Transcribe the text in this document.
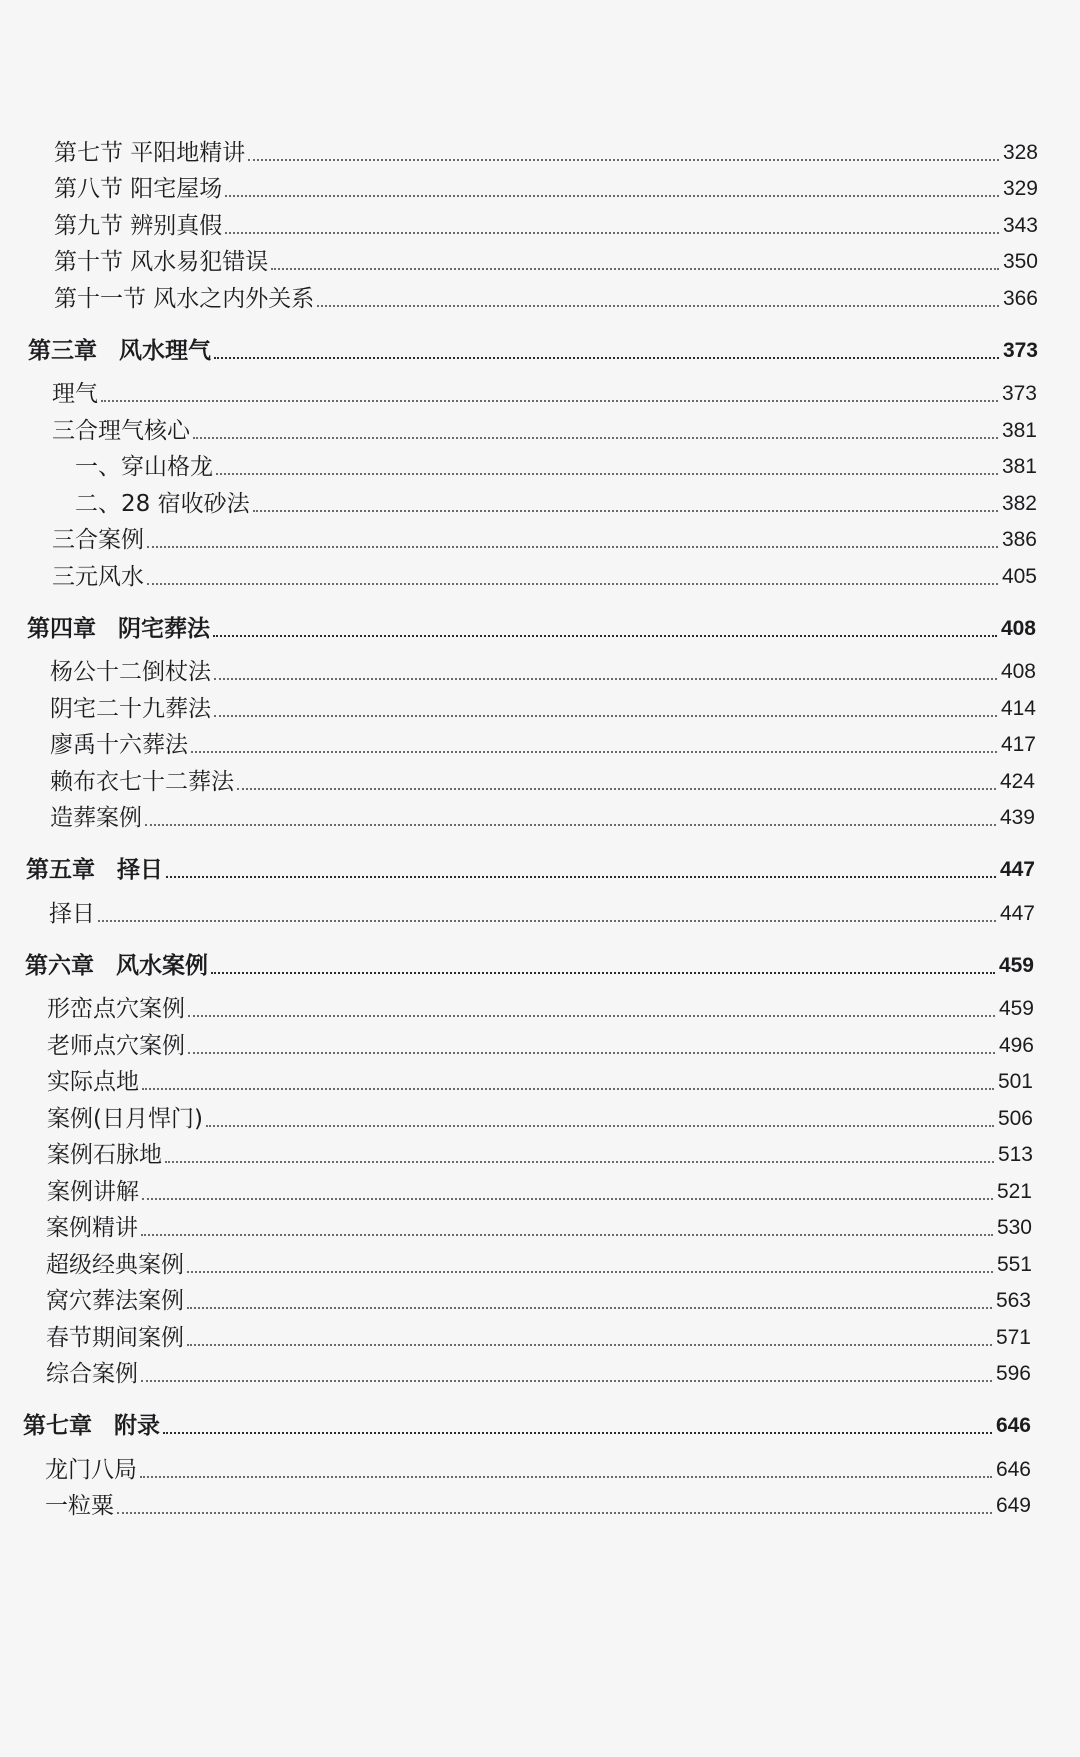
第七节 平阳地精讲	328
第八节 阳宅屋场	329
第九节 辨别真假	343
第十节 风水易犯错误	350
第十一节 风水之内外关系	366
第三章 风水理气	373
理气	373
三合理气核心	381
一、穿山格龙	381
二、28 宿收砂法	382
三合案例	386
三元风水	405
第四章 阴宅葬法	408
杨公十二倒杖法	408
阴宅二十九葬法	414
廖禹十六葬法	417
赖布衣七十二葬法	424
造葬案例	439
第五章 择日	447
择日	447
第六章 风水案例	459
形峦点穴案例	459
老师点穴案例	496
实际点地	501
案例(日月悍门)	506
案例石脉地	513
案例讲解	521
案例精讲	530
超级经典案例	551
窝穴葬法案例	563
春节期间案例	571
综合案例	596
第七章 附录	646
龙门八局	646
一粒粟	649
